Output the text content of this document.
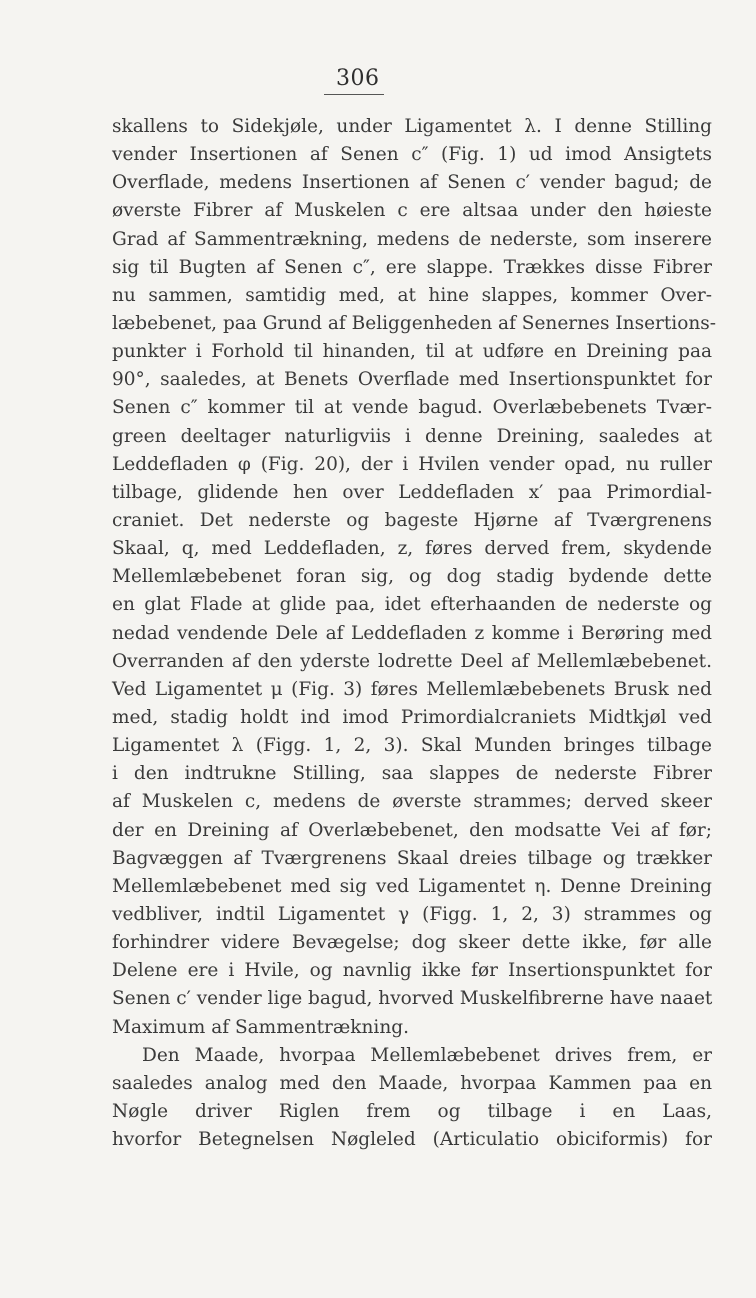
306
skallens to Sidekjøle, under Ligamentet λ. I denne Stilling
vender Insertionen af Senen c″ (Fig. 1) ud imod Ansigtets
Overflade, medens Insertionen af Senen c′ vender bagud; de
øverste Fibrer af Muskelen c ere altsaa under den høieste
Grad af Sammentrækning, medens de nederste, som inserere
sig til Bugten af Senen c″, ere slappe. Trækkes disse Fibrer
nu sammen, samtidig med, at hine slappes, kommer Over-
læbebenet, paa Grund af Beliggenheden af Senernes Insertions-
punkter i Forhold til hinanden, til at udføre en Dreining paa
90°, saaledes, at Benets Overflade med Insertionspunktet for
Senen c″ kommer til at vende bagud. Overlæbebenets Tvær-
green deeltager naturligviis i denne Dreining, saaledes at
Leddefladen φ (Fig. 20), der i Hvilen vender opad, nu ruller
tilbage, glidende hen over Leddefladen x′ paa Primordial-
craniet. Det nederste og bageste Hjørne af Tværgrenens
Skaal, q, med Leddefladen, z, føres derved frem, skydende
Mellemlæbebenet foran sig, og dog stadig bydende dette
en glat Flade at glide paa, idet efterhaanden de nederste og
nedad vendende Dele af Leddefladen z komme i Berøring med
Overranden af den yderste lodrette Deel af Mellemlæbebenet.
Ved Ligamentet μ (Fig. 3) føres Mellemlæbebenets Brusk ned
med, stadig holdt ind imod Primordialcraniets Midtkjøl ved
Ligamentet λ (Figg. 1, 2, 3). Skal Munden bringes tilbage
i den indtrukne Stilling, saa slappes de nederste Fibrer
af Muskelen c, medens de øverste strammes; derved skeer
der en Dreining af Overlæbebenet, den modsatte Vei af før;
Bagvæggen af Tværgrenens Skaal dreies tilbage og trækker
Mellemlæbebenet med sig ved Ligamentet η. Denne Dreining
vedbliver, indtil Ligamentet γ (Figg. 1, 2, 3) strammes og
forhindrer videre Bevægelse; dog skeer dette ikke, før alle
Delene ere i Hvile, og navnlig ikke før Insertionspunktet for
Senen c′ vender lige bagud, hvorved Muskelfibrerne have naaet
Maximum af Sammentrækning.
Den Maade, hvorpaa Mellemlæbebenet drives frem, er
saaledes analog med den Maade, hvorpaa Kammen paa en
Nøgle driver Riglen frem og tilbage i en Laas,
hvorfor Betegnelsen Nøgleled (Articulatio obiciformis) for
